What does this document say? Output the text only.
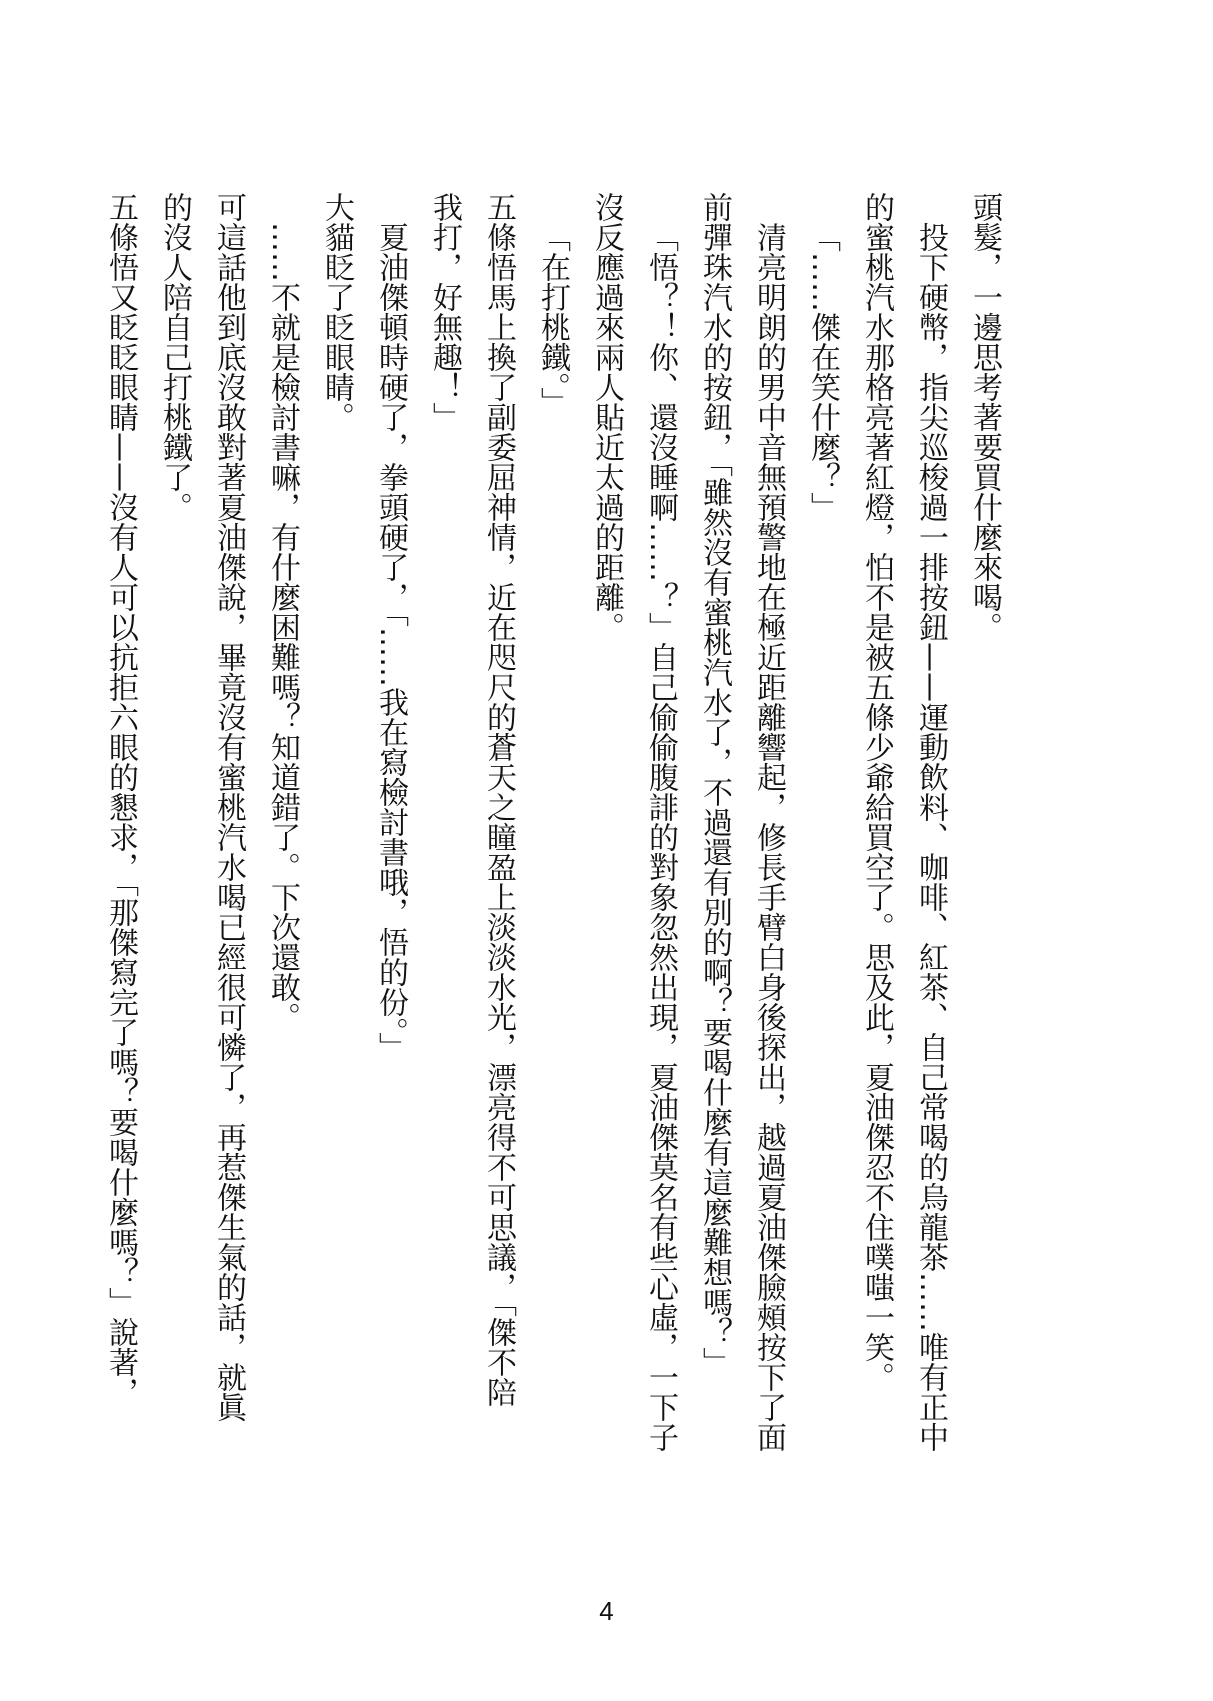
頭髮，一邊思考著要買什麼來喝。

投下硬幣，指尖巡梭過一排按鈕——運動飲料、咖啡、紅茶、自己常喝的烏龍茶……唯有正中

的蜜桃汽水那格亮著紅燈，怕不是被五條少爺給買空了。思及此，夏油傑忍不住噗嗤一笑。

「……傑在笑什麼？」

清亮明朗的男中音無預警地在極近距離響起，修長手臂白身後探出，越過夏油傑臉頰按下了面

前彈珠汽水的按鈕，「雖然沒有蜜桃汽水了，不過還有別的啊？要喝什麼有這麼難想嗎？」

「悟？！你、還沒睡啊……？」自己偷偷腹誹的對象忽然出現，夏油傑莫名有些心虛，一下子

沒反應過來兩人貼近太過的距離。

「在打桃鐵。」

五條悟馬上換了副委屈神情，近在咫尺的蒼天之瞳盈上淡淡水光，漂亮得不可思議，「傑不陪

我打，好無趣！」

夏油傑頓時硬了，拳頭硬了，「……我在寫檢討書哦，悟的份。」

大貓眨了眨眼睛。

……不就是檢討書嘛，有什麼困難嗎？知道錯了。下次還敢。

可這話他到底沒敢對著夏油傑說，畢竟沒有蜜桃汽水喝已經很可憐了，再惹傑生氣的話，就眞

的沒人陪自己打桃鐵了。

五條悟又眨眨眼睛——沒有人可以抗拒六眼的懇求，「那傑寫完了嗎？要喝什麼嗎？」說著，

4
